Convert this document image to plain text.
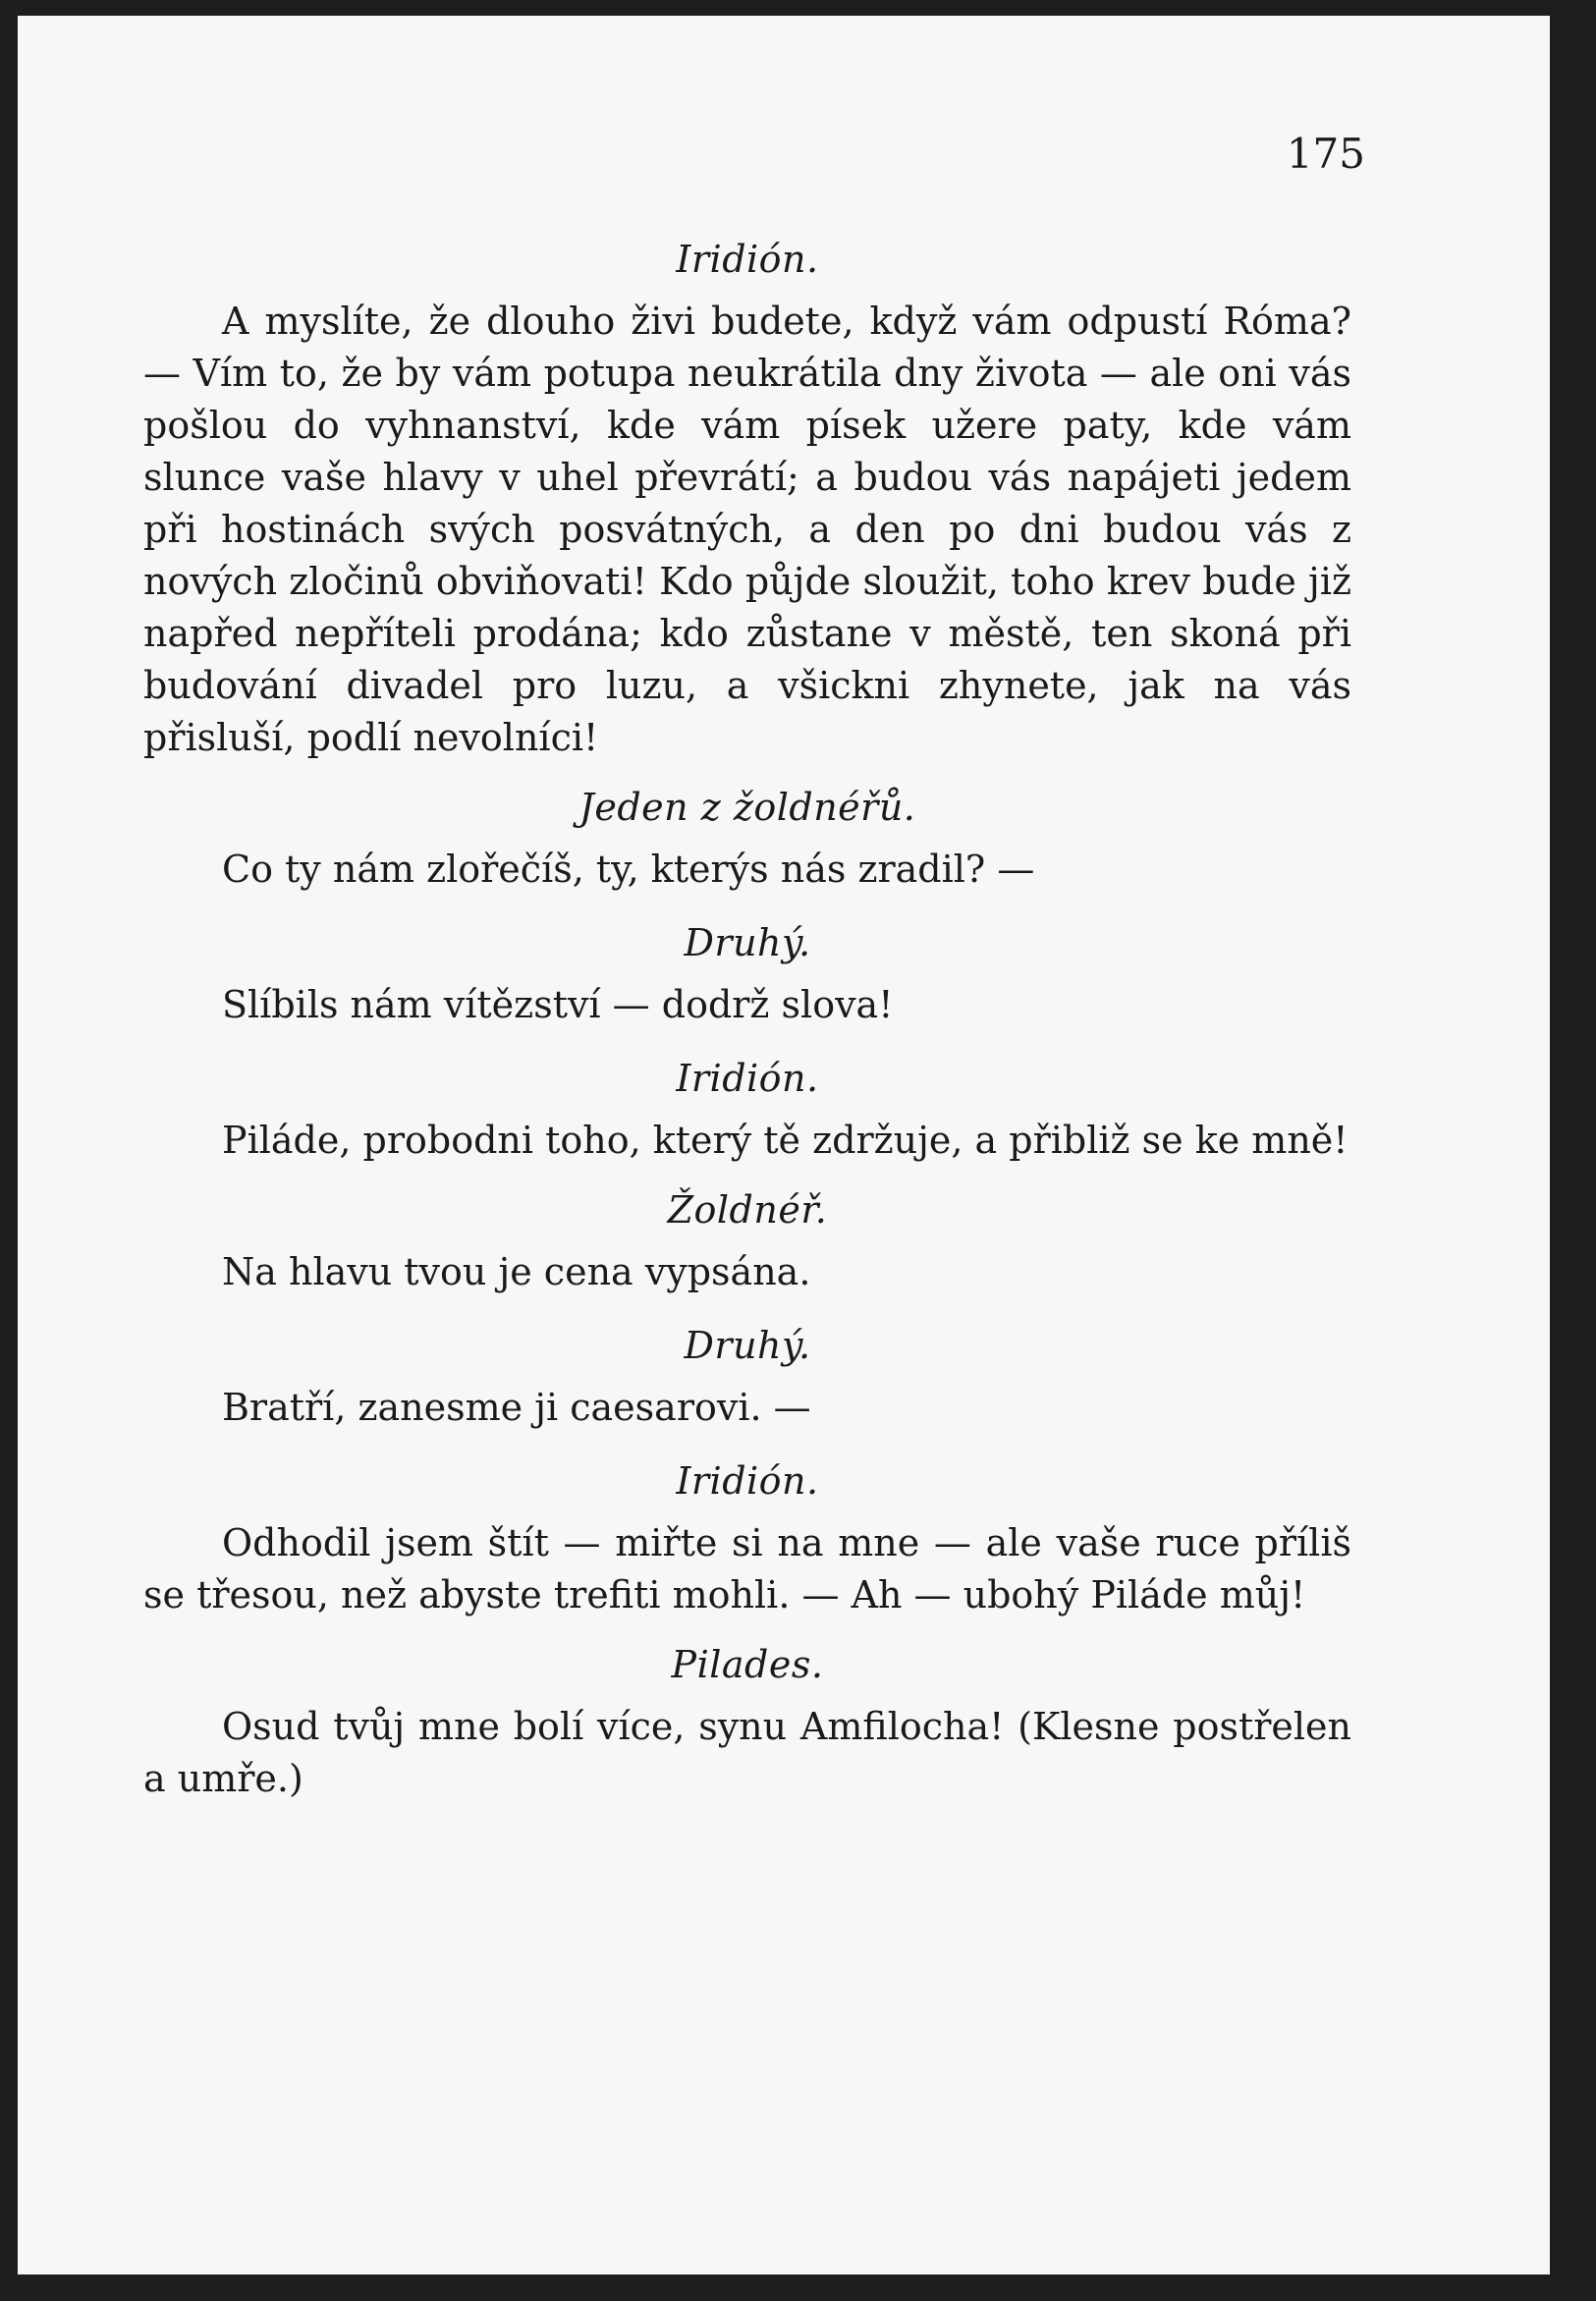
175

Iridión.

A myslíte, že dlouho živi budete, když vám odpustí Róma? — Vím to, že by vám potupa neukrátila dny života — ale oni vás pošlou do vyhnanství, kde vám písek užere paty, kde vám slunce vaše hlavy v uhel převrátí; a budou vás napájeti jedem při hostinách svých posvátných, a den po dni budou vás z nových zločinů obviňovati! Kdo půjde sloužit, toho krev bude již napřed nepříteli prodána; kdo zůstane v městě, ten skoná při budování divadel pro luzu, a všickni zhynete, jak na vás přisluší, podlí nevolníci!

Jeden z žoldnéřů.

Co ty nám zlořečíš, ty, kterýs nás zradil? —

Druhý.

Slíbils nám vítězství — dodrž slova!

Iridión.

Piláde, probodni toho, který tě zdržuje, a přibliž se ke mně!

Žoldnéř.

Na hlavu tvou je cena vypsána.

Druhý.

Bratří, zanesme ji caesarovi. —

Iridión.

Odhodil jsem štít — miřte si na mne — ale vaše ruce příliš se třesou, než abyste trefiti mohli. — Ah — ubohý Piláde můj!

Pilades.

Osud tvůj mne bolí více, synu Amfilocha! (Klesne postřelen a umře.)
